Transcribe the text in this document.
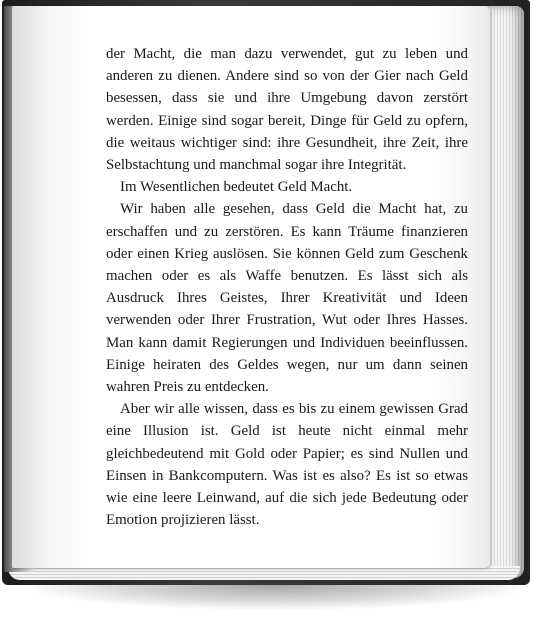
der Macht, die man dazu verwendet, gut zu leben und anderen zu dienen. Andere sind so von der Gier nach Geld besessen, dass sie und ihre Umgebung davon zerstört werden. Einige sind sogar bereit, Dinge für Geld zu opfern, die weitaus wichtiger sind: ihre Gesundheit, ihre Zeit, ihre Selbstachtung und manchmal sogar ihre Integrität.

Im Wesentlichen bedeutet Geld Macht.

Wir haben alle gesehen, dass Geld die Macht hat, zu erschaffen und zu zerstören. Es kann Träume finanzieren oder einen Krieg auslösen. Sie können Geld zum Geschenk machen oder es als Waffe benutzen. Es lässt sich als Ausdruck Ihres Geistes, Ihrer Kreativität und Ideen verwenden oder Ihrer Frustration, Wut oder Ihres Hasses. Man kann damit Regierungen und Individuen beeinflussen. Einige heiraten des Geldes wegen, nur um dann seinen wahren Preis zu entdecken.

Aber wir alle wissen, dass es bis zu einem gewissen Grad eine Illusion ist. Geld ist heute nicht einmal mehr gleichbedeutend mit Gold oder Papier; es sind Nullen und Einsen in Bankcomputern. Was ist es also? Es ist so etwas wie eine leere Leinwand, auf die sich jede Bedeutung oder Emotion projizieren lässt.
